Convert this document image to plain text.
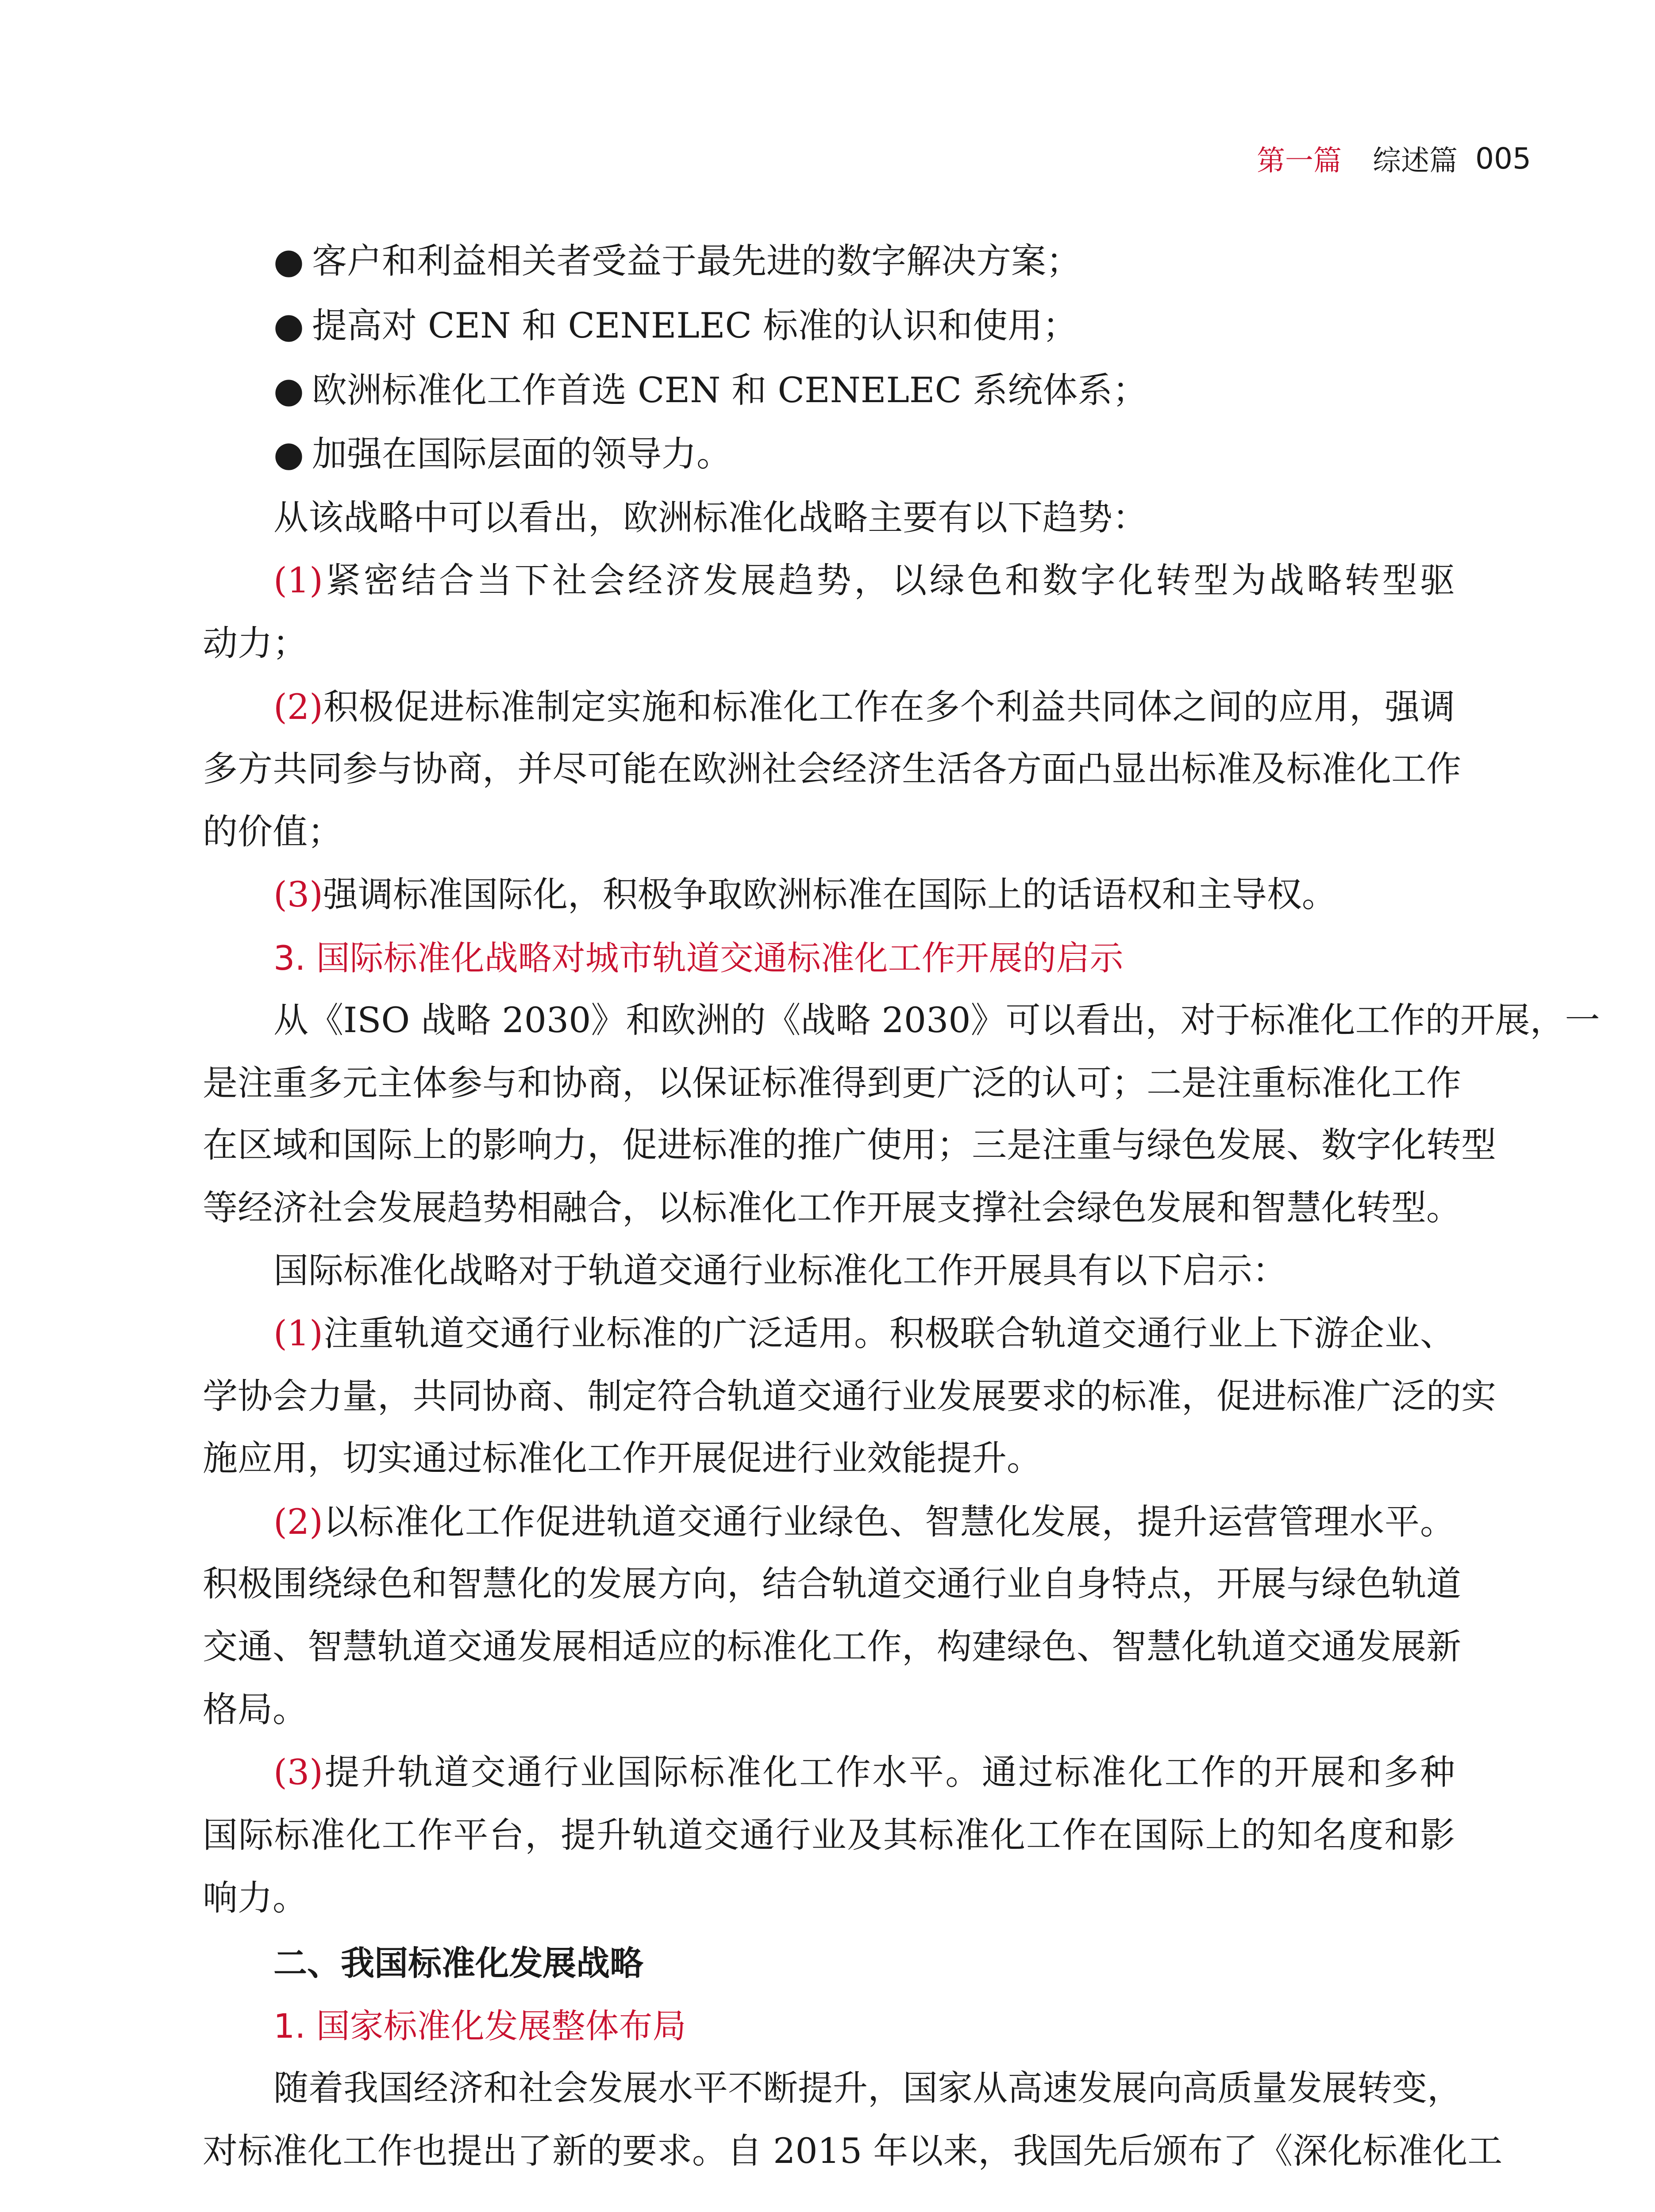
第一篇 综述篇 005
● 客户和利益相关者受益于最先进的数字解决方案；
● 提高对 CEN 和 CENELEC 标准的认识和使用；
● 欧洲标准化工作首选 CEN 和 CENELEC 系统体系；
● 加强在国际层面的领导力。
从该战略中可以看出，欧洲标准化战略主要有以下趋势：
(1)紧密结合当下社会经济发展趋势，以绿色和数字化转型为战略转型驱
动力；
(2)积极促进标准制定实施和标准化工作在多个利益共同体之间的应用，强调
多方共同参与协商，并尽可能在欧洲社会经济生活各方面凸显出标准及标准化工作
的价值；
(3)强调标准国际化，积极争取欧洲标准在国际上的话语权和主导权。
3. 国际标准化战略对城市轨道交通标准化工作开展的启示
从《ISO 战略 2030》和欧洲的《战略 2030》可以看出，对于标准化工作的开展，一
是注重多元主体参与和协商，以保证标准得到更广泛的认可；二是注重标准化工作
在区域和国际上的影响力，促进标准的推广使用；三是注重与绿色发展、数字化转型
等经济社会发展趋势相融合，以标准化工作开展支撑社会绿色发展和智慧化转型。
国际标准化战略对于轨道交通行业标准化工作开展具有以下启示：
(1)注重轨道交通行业标准的广泛适用。积极联合轨道交通行业上下游企业、
学协会力量，共同协商、制定符合轨道交通行业发展要求的标准，促进标准广泛的实
施应用，切实通过标准化工作开展促进行业效能提升。
(2)以标准化工作促进轨道交通行业绿色、智慧化发展，提升运营管理水平。
积极围绕绿色和智慧化的发展方向，结合轨道交通行业自身特点，开展与绿色轨道
交通、智慧轨道交通发展相适应的标准化工作，构建绿色、智慧化轨道交通发展新
格局。
(3)提升轨道交通行业国际标准化工作水平。通过标准化工作的开展和多种
国际标准化工作平台，提升轨道交通行业及其标准化工作在国际上的知名度和影
响力。
二、我国标准化发展战略
1. 国家标准化发展整体布局
随着我国经济和社会发展水平不断提升，国家从高速发展向高质量发展转变，
对标准化工作也提出了新的要求。自 2015 年以来，我国先后颁布了《深化标准化工
